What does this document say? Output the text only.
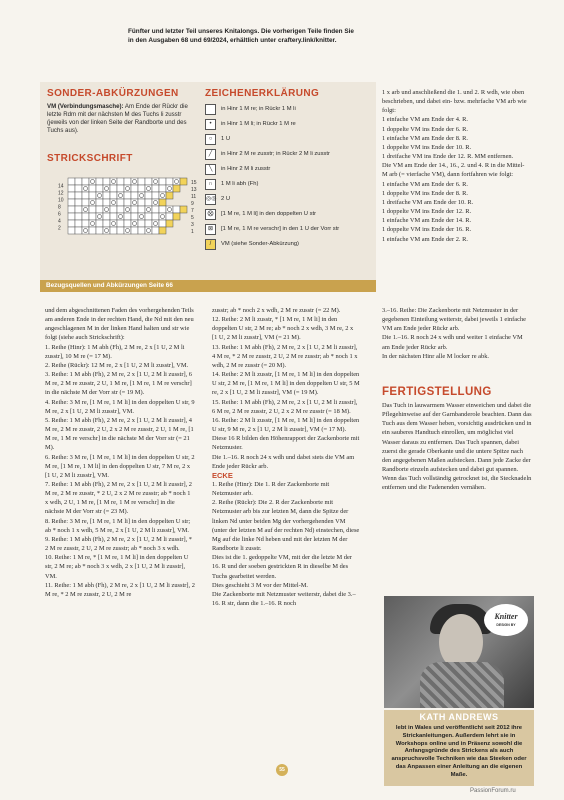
Fünfter und letzter Teil unseres Knitalongs. Die vorherigen Teile finden Sie in den Ausgaben 68 und 69/2024, erhältlich unter craftery.link/knitter.
SONDER-ABKÜRZUNGEN
VM (Verbindungsmasche): Am Ende der Rückr die letzte Rdm mit der nächsten M des Tuchs li zusstr (jeweils von der linken Seite der Randborte und des Tuchs aus).
STRICKSCHRIFT
15
13
11
9
7
5
3
1
14
12
10
8
6
4
2
ZEICHENERKLÄRUNG
in Hinr 1 M re; in Rückr 1 M li
•	in Hinr 1 M li; in Rückr 1 M re
○	1 U
╱	in Hinr 2 M re zusstr; in Rückr 2 M li zusstr
╲	in Hinr 2 M li zusstr
∩	1 M li abh (Fh)
◎◎ 2 U
⨂	[1 M re, 1 M li] in den doppelten U str
⊠	[1 M re, 1 M re verschr] in den 1 U der Vorr str
/	VM (siehe Sonder-Abkürzung)
Bezugsquellen und Abkürzungen Seite 66

und dem abgeschnittenen Faden des vorhergehenden Teils am anderen Ende in der rechten Hand, die Nd mit den neu angeschlagenen M in der linken Hand halten und str wie folgt (siehe auch Strickschrift):

1. Reihe (Hinr): 1 M abh (Fh), 2 M re, 2 x [1 U, 2 M li zusstr], 10 M re (= 17 M).

2. Reihe (Rückr): 12 M re, 2 x [1 U, 2 M li zusstr], VM.

3. Reihe: 1 M abh (Fh), 2 M re, 2 x [1 U, 2 M li zusstr], 6 M re, 2 M re zusstr, 2 U, 1 M re, [1 M re, 1 M re verschr] in die nächste M der Vorr str (= 19 M).

4. Reihe: 3 M re, [1 M re, 1 M li] in den doppelten U str, 9 M re, 2 x [1 U, 2 M li zusstr], VM.

5. Reihe: 1 M abh (Fh), 2 M re, 2 x [1 U, 2 M li zusstr], 4 M re, 2 M re zusstr, 2 U, 2 x 2 M re zusstr, 2 U, 1 M re, [1 M re, 1 M re verschr] in die nächste M der Vorr str (= 21 M).

6. Reihe: 3 M re, [1 M re, 1 M li] in den doppelten U str, 2 M re, [1 M re, 1 M li] in den doppelten U str, 7 M re, 2 x [1 U, 2 M li zusstr], VM.

7. Reihe: 1 M abh (Fh), 2 M re, 2 x [1 U, 2 M li zusstr], 2 M re, 2 M re zusstr, * 2 U, 2 x 2 M re zusstr; ab * noch 1 x wdh, 2 U, 1 M re, [1 M re, 1 M re verschr] in die nächste M der Vorr str (= 23 M).

8. Reihe: 3 M re, [1 M re, 1 M li] in den doppelten U str; ab * noch 1 x wdh, 5 M re, 2 x [1 U, 2 M li zusstr], VM.

9. Reihe: 1 M abh (Fh), 2 M re, 2 x [1 U, 2 M li zusstr], * 2 M re zusstr, 2 U, 2 M re zusstr; ab * noch 3 x wdh.

10. Reihe: 1 M re, * [1 M re, 1 M li] in den doppelten U str, 2 M re; ab * noch 3 x wdh, 2 x [1 U, 2 M li zusstr], VM.

11. Reihe: 1 M abh (Fh), 2 M re, 2 x [1 U, 2 M li zusstr], 2 M re, * 2 M re zusstr, 2 U, 2 M re

zusstr; ab * noch 2 x wdh, 2 M re zusstr (= 22 M).

12. Reihe: 2 M li zusstr, * [1 M re, 1 M li] in den doppelten U str, 2 M re; ab * noch 2 x wdh, 3 M re, 2 x [1 U, 2 M li zusstr], VM (= 21 M).

13. Reihe: 1 M abh (Fh), 2 M re, 2 x [1 U, 2 M li zusstr], 4 M re, * 2 M re zusstr, 2 U, 2 M re zusstr; ab * noch 1 x wdh, 2 M re zusstr (= 20 M).

14. Reihe: 2 M li zusstr, [1 M re, 1 M li] in den doppelten U str, 2 M re, [1 M re, 1 M li] in den doppelten U str, 5 M re, 2 x [1 U, 2 M li zusstr], VM (= 19 M).

15. Reihe: 1 M abh (Fh), 2 M re, 2 x [1 U, 2 M li zusstr], 6 M re, 2 M re zusstr, 2 U, 2 x 2 M re zusstr (= 18 M).

16. Reihe: 2 M li zusstr, [1 M re, 1 M li] in den doppelten U str, 9 M re, 2 x [1 U, 2 M li zusstr], VM (= 17 M).

Diese 16 R bilden den Höhenrapport der Zackenborte mit Netzmuster.

Die 1.–16. R noch 24 x wdh und dabei stets die VM am Ende jeder Rückr arb.

ECKE

1. Reihe (Hinr): Die 1. R der Zackenborte mit Netzmuster arb.

2. Reihe (Rückr): Die 2. R der Zackenborte mit Netzmuster arb bis zur letzten M, dann die Spitze der linken Nd unter beiden Mg der vorhergehenden VM (unter der letzten M auf der rechten Nd) einstechen, diese Mg auf die linke Nd heben und mit der letzten M der Randborte li zusstr.

Dies ist die 1. gedoppelte VM, mit der die letzte M der 16. R und der soeben gestrickten R in dieselbe M des Tuchs gearbeitet werden.

Dies geschieht 3 M vor der Mittel-M.

Die Zackenborte mit Netzmuster weiterstr, dabei die 3.–16. R str, dann die 1.–16. R noch

1 x arb und anschließend die 1. und 2. R wdh, wie oben beschrieben, und dabei ein- bzw. mehrfache VM arb wie folgt:

1 einfache VM am Ende der 4. R.

1 doppelte VM ins Ende der 6. R.

1 einfache VM am Ende der 8. R.

1 doppelte VM ins Ende der 10. R.

1 dreifache VM ins Ende der 12. R. MM entfernen.

Die VM am Ende der 14., 16., 2. und 4. R in die Mittel-M arb (= vierfache VM), dann fortfahren wie folgt:

1 einfache VM am Ende der 6. R.

1 doppelte VM ins Ende der 8. R.

1 dreifache VM am Ende der 10. R.

1 doppelte VM ins Ende der 12. R.

1 einfache VM am Ende der 14. R.

1 doppelte VM ins Ende der 16. R.

1 einfache VM am Ende der 2. R.

3.–16. Reihe: Die Zackenborte mit Netzmuster in der gegebenen Einteilung weiterstr, dabei jeweils 1 einfache VM am Ende jeder Rückr arb.

Die 1.–16. R noch 24 x wdh und weiter 1 einfache VM am Ende jeder Rückr arb.

In der nächsten Hinr alle M locker re abk.

FERTIGSTELLUNG

Das Tuch in lauwarmem Wasser einweichen und dabei die Pflegehinweise auf der Garnbanderole beachten. Dann das Tuch aus dem Wasser heben, vorsichtig ausdrücken und in ein sauberes Handtuch einrollen, um möglichst viel Wasser daraus zu entfernen. Das Tuch spannen, dabei zuerst die gerade Oberkante und die untere Spitze nach den angegebenen Maßen aufstecken. Dann jede Zacke der Randborte einzeln aufstecken und dabei gut spannen. Wenn das Tuch vollständig getrocknet ist, die Stecknadeln entfernen und die Fadenenden vernähen.

Knitter
DESIGN BY
KATH ANDREWS
lebt in Wales und veröffentlicht seit 2012 ihre Strickanleitungen. Außerdem lehrt sie in Workshops online und in Präsenz sowohl die Anfangsgründe des Strickens als auch anspruchsvolle Techniken wie das Steeken oder das Anpassen einer Anleitung an die eigenen Maße.
55
PassionForum.ru
